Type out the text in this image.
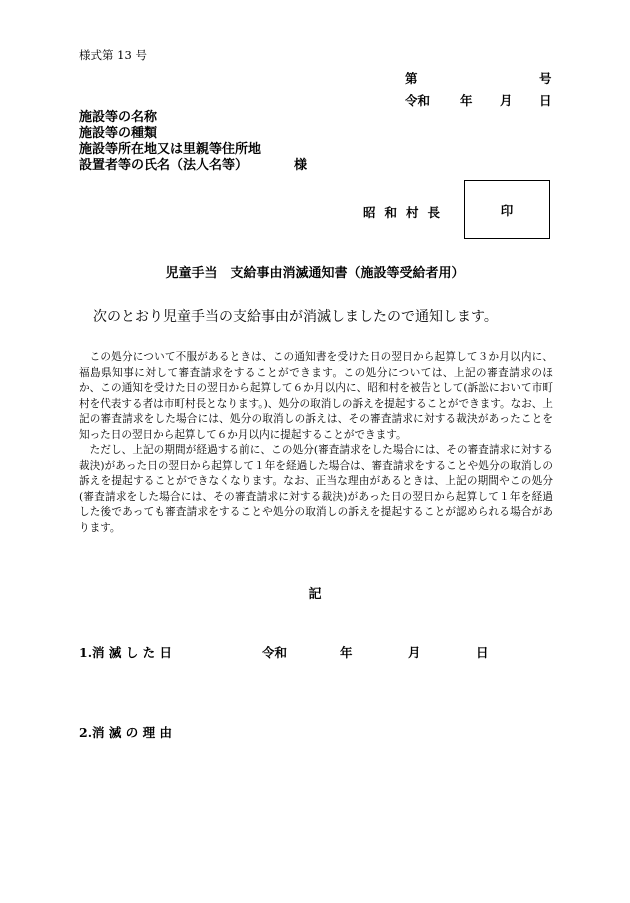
様式第 13 号
第	号
令和 年 月 日
施設等の名称
施設等の種類
施設等所在地又は里親等住所地
設置者等の氏名（法人名等）	様
昭和村長	印
児童手当　支給事由消滅通知書（施設等受給者用）
次のとおり児童手当の支給事由が消滅しましたので通知します。

この処分について不服があるときは、この通知書を受けた日の翌日から起算して３か月以内に、福島県知事に対して審査請求をすることができます。この処分については、上記の審査請求のほか、この通知を受けた日の翌日から起算して６か月以内に、昭和村を被告として(訴訟において市町村を代表する者は市町村長となります。)、処分の取消しの訴えを提起することができます。なお、上記の審査請求をした場合には、処分の取消しの訴えは、その審査請求に対する裁決があったことを知った日の翌日から起算して６か月以内に提起することができます。

ただし、上記の期間が経過する前に、この処分(審査請求をした場合には、その審査請求に対する裁決)があった日の翌日から起算して１年を経過した場合は、審査請求をすることや処分の取消しの訴えを提起することができなくなります。なお、正当な理由があるときは、上記の期間やこの処分(審査請求をした場合には、その審査請求に対する裁決)があった日の翌日から起算して１年を経過した後であっても審査請求をすることや処分の取消しの訴えを提起することが認められる場合があります。

記
1.消 滅 し た 日	令和	年	月	日
2.消 滅 の 理 由
